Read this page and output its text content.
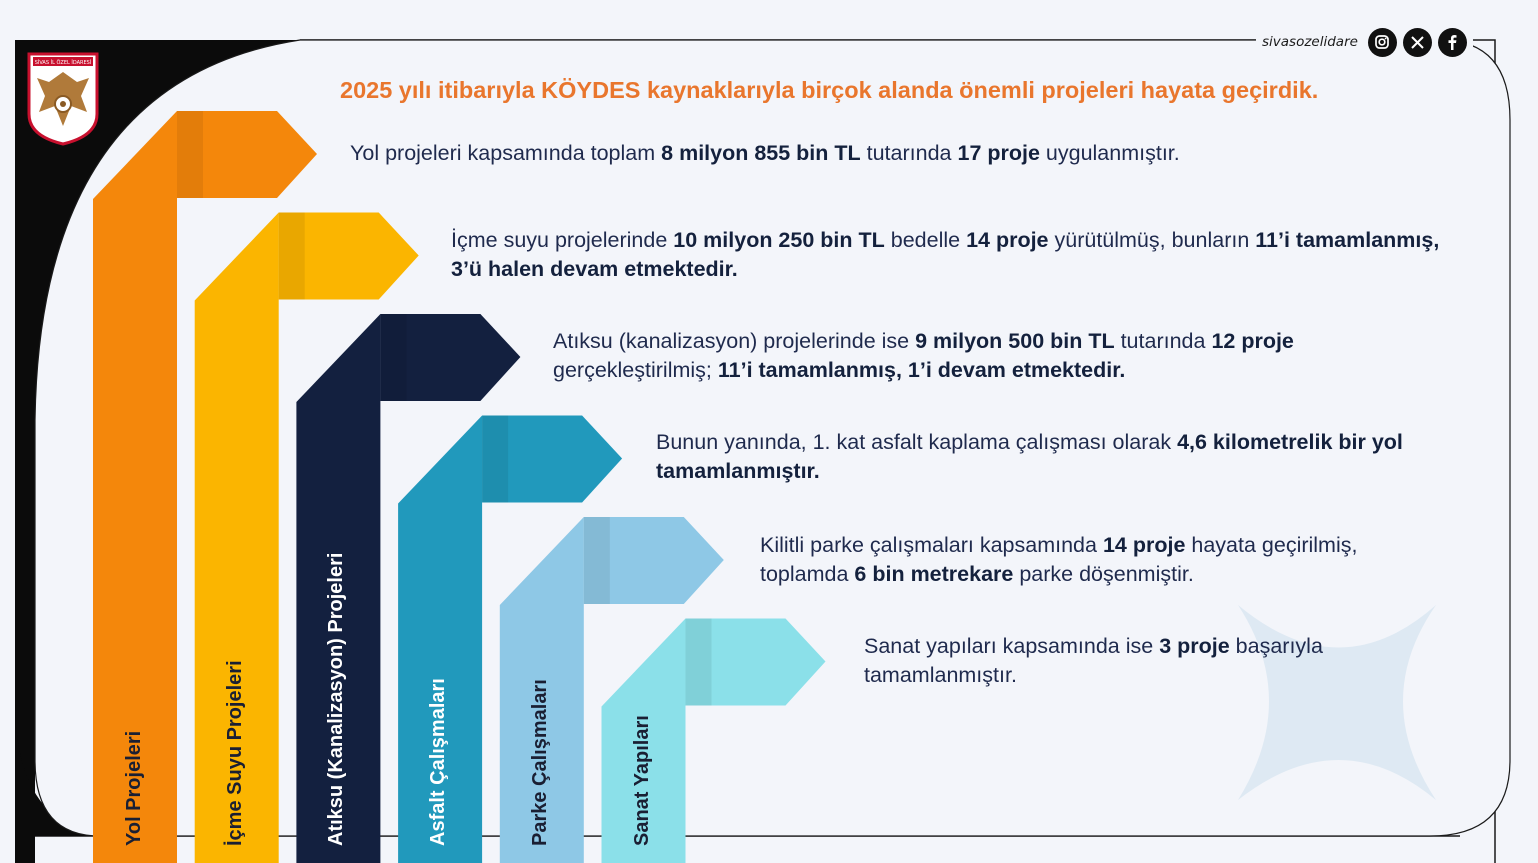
SİVAS İL ÖZEL İDARESİ
sivasozelidare
2025 yılı itibarıyla KÖYDES kaynaklarıyla birçok alanda önemli projeleri hayata geçirdik.
Yol projeleri kapsamında toplam 8 milyon 855 bin TL tutarında 17 proje uygulanmıştır.
İçme suyu projelerinde 10 milyon 250 bin TL bedelle 14 proje yürütülmüş, bunların 11’i tamamlanmış, 3’ü halen devam etmektedir.
Atıksu (kanalizasyon) projelerinde ise 9 milyon 500 bin TL tutarında 12 proje gerçekleştirilmiş; 11’i tamamlanmış, 1’i devam etmektedir.
Bunun yanında, 1. kat asfalt kaplama çalışması olarak 4,6 kilometrelik bir yol tamamlanmıştır.
Kilitli parke çalışmaları kapsamında 14 proje hayata geçirilmiş, toplamda 6 bin metrekare parke döşenmiştir.
Sanat yapıları kapsamında ise 3 proje başarıyla tamamlanmıştır.
Yol Projeleri	İçme Suyu Projeleri	Atıksu (Kanalizasyon) Projeleri	Asfalt Çalışmaları	Parke Çalışmaları	Sanat Yapıları
